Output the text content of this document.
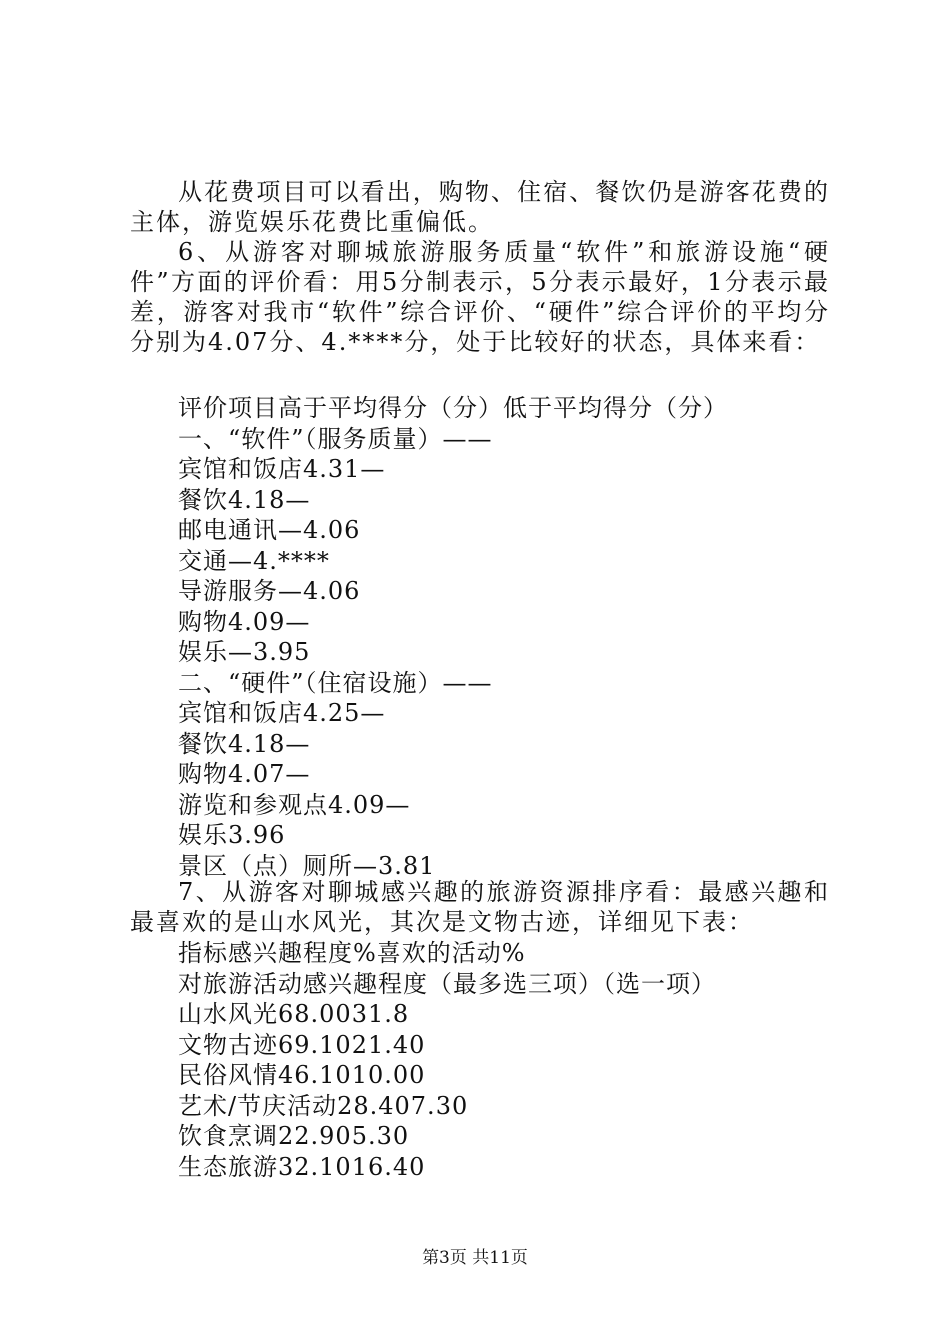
从花费项目可以看出，购物、住宿、餐饮仍是游客花费的主体，游览娱乐花费比重偏低。

6、从游客对聊城旅游服务质量“软件”和旅游设施“硬件”方面的评价看：用5分制表示，5分表示最好，1分表示最差，游客对我市“软件”综合评价、“硬件”综合评价的平均分分别为4.07分、4.****分，处于比较好的状态，具体来看：

评价项目高于平均得分（分）低于平均得分（分）
一、“软件”（服务质量）——
宾馆和饭店4.31—
餐饮4.18—
邮电通讯—4.06
交通—4.****
导游服务—4.06
购物4.09—
娱乐—3.95
二、“硬件”（住宿设施）——
宾馆和饭店4.25—
餐饮4.18—
购物4.07—
游览和参观点4.09—
娱乐3.96
景区（点）厕所—3.81

7、从游客对聊城感兴趣的旅游资源排序看：最感兴趣和最喜欢的是山水风光，其次是文物古迹，详细见下表：

指标感兴趣程度%喜欢的活动%
对旅游活动感兴趣程度（最多选三项）（选一项）
山水风光68.0031.8
文物古迹69.1021.40
民俗风情46.1010.00
艺术/节庆活动28.407.30
饮食烹调22.905.30
生态旅游32.1016.40
第3页 共11页
